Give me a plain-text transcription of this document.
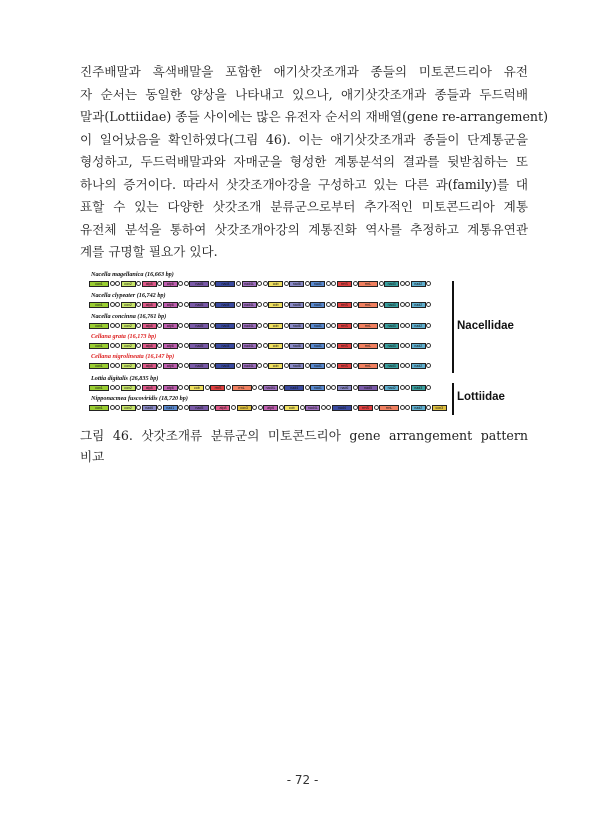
진주배말과 흑색배말을 포함한 애기삿갓조개과 종들의 미토콘드리아 유전
자 순서는 동일한 양상을 나타내고 있으나, 애기삿갓조개과 종들과 두드럭배
말과(Lottiidae) 종들 사이에는 많은 유전자 순서의 재배열(gene re-arrangement)
이 일어났음을 확인하였다(그림 46). 이는 애기삿갓조개과 종들이 단계통군을
형성하고, 두드럭배말과와 자매군을 형성한 계통분석의 결과를 뒷받침하는 또
하나의 증거이다. 따라서 삿갓조개아강을 구성하고 있는 다른 과(family)를 대
표할 수 있는 다양한 삿갓조개 분류군으로부터 추가적인 미토콘드리아 계통
유전체 분석을 통하여 삿갓조개아강의 계통진화 역사를 추정하고 계통유연관
계를 규명할 필요가 있다.
Nacellidae
Lottiidae
Nacella magellanica (16,663 bp)
cox1	cox2	atp8	atp6	nad5	nad4	nad4L	cob	nad6	nad1	rrnS	rrnL	nad3	nad2
Nacella clypeater (16,742 bp)
cox1	cox2	atp8	atp6	nad5	nad4	nad4L	cob	nad6	nad1	rrnS	rrnL	nad3	nad2
Nacella concinna (16,761 bp)
cox1	cox2	atp8	atp6	nad5	nad4	nad4L	cob	nad6	nad1	rrnS	rrnL	nad3	nad2
Cellana grata (16,173 bp)
cox1	cox2	atp8	atp6	nad5	nad4	nad4L	cob	nad6	nad1	rrnS	rrnL	nad3	nad2
Cellana nigrolineata (16,147 bp)
cox1	cox2	atp8	atp6	nad5	nad4	nad4L	cob	nad6	nad1	rrnS	rrnL	nad3	nad2
Lottia digitalis (26,835 bp)
cox1	cox2	atp8	atp6	cob	rrnS	rrnL	nad4L	nad4	nad1	nad6	nad5	nad2	nad3
Nipponacmea fuscoviridis (18,720 bp)
cox1	cox2	nad6	nad1	nad5	atp8	cox3	atp6	cob	nad4L	nad4	rrnS	rrnL	nad2	cox3
그림 46. 삿갓조개류 분류군의 미토콘드리아 gene arrangement pattern
비교
- 72 -
